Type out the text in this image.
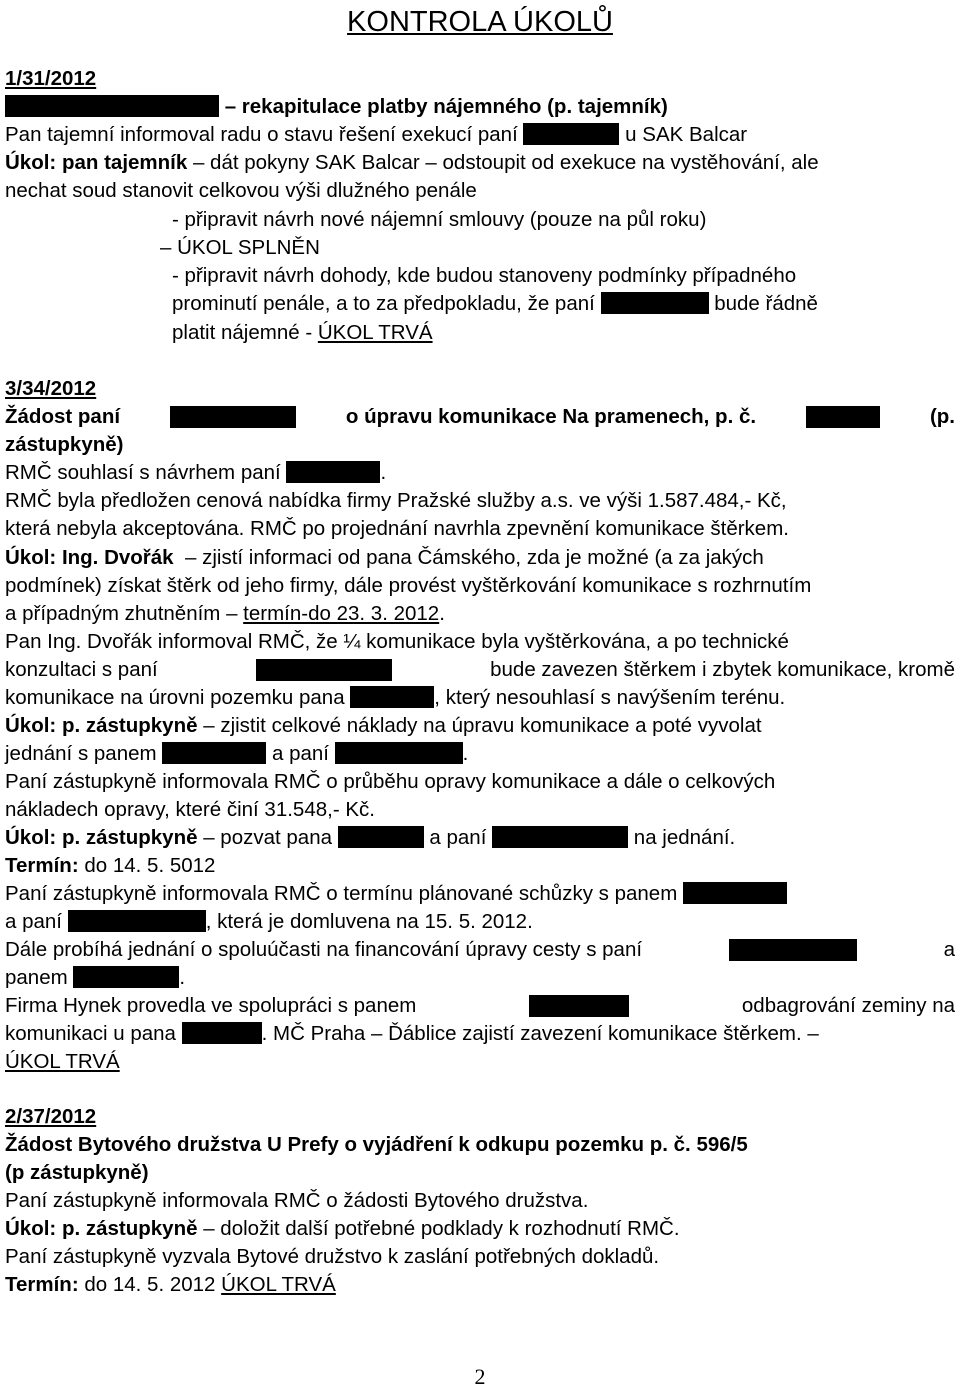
KONTROLA ÚKOLŮ
1/31/2012
– rekapitulace platby nájemného (p. tajemník)
Pan tajemní informoval radu o stavu řešení exekucí paní	u SAK Balcar
Úkol: pan tajemník – dát pokyny SAK Balcar – odstoupit od exekuce na vystěhování, ale
nechat soud stanovit celkovou výši dlužného penále
- připravit návrh nové nájemní smlouvy (pouze na půl roku)
– ÚKOL SPLNĚN
- připravit návrh dohody, kde budou stanoveny podmínky případného
prominutí penále, a to za předpokladu, že paní	bude řádně
platit nájemné - ÚKOL TRVÁ
3/34/2012
Žádost paní	o úpravu komunikace Na pramenech, p. č.	(p.
zástupkyně)
RMČ souhlasí s návrhem paní	.
RMČ byla předložen cenová nabídka firmy Pražské služby a.s. ve výši 1.587.484,- Kč,
která nebyla akceptována. RMČ po projednání navrhla zpevnění komunikace štěrkem.
Úkol: Ing. Dvořák  – zjistí informaci od pana Čámského, zda je možné (a za jakých
podmínek) získat štěrk od jeho firmy, dále provést vyštěrkování komunikace s rozhrnutím
a případným zhutněním – termín-do 23. 3. 2012.
Pan Ing. Dvořák informoval RMČ, že ¼ komunikace byla vyštěrkována, a po technické
konzultaci s paní	bude zavezen štěrkem i zbytek komunikace, kromě
komunikace na úrovni pozemku pana	, který nesouhlasí s navýšením terénu.
Úkol: p. zástupkyně – zjistit celkové náklady na úpravu komunikace a poté vyvolat
jednání s panem	a paní	.
Paní zástupkyně informovala RMČ o průběhu opravy komunikace a dále o celkových
nákladech opravy, které činí 31.548,- Kč.
Úkol: p. zástupkyně – pozvat pana	a paní	na jednání.
Termín: do 14. 5. 5012
Paní zástupkyně informovala RMČ o termínu plánované schůzky s panem
a paní	, která je domluvena na 15. 5. 2012.
Dále probíhá jednání o spoluúčasti na financování úpravy cesty s paní	a
panem	.
Firma Hynek provedla ve spolupráci s panem	odbagrování zeminy na
komunikaci u pana	. MČ Praha – Ďáblice zajistí zavezení komunikace štěrkem. –
ÚKOL TRVÁ
2/37/2012
Žádost Bytového družstva U Prefy o vyjádření k odkupu pozemku p. č. 596/5
(p zástupkyně)
Paní zástupkyně informovala RMČ o žádosti Bytového družstva.
Úkol: p. zástupkyně – doložit další potřebné podklady k rozhodnutí RMČ.
Paní zástupkyně vyzvala Bytové družstvo k zaslání potřebných dokladů.
Termín: do 14. 5. 2012 ÚKOL TRVÁ
2
